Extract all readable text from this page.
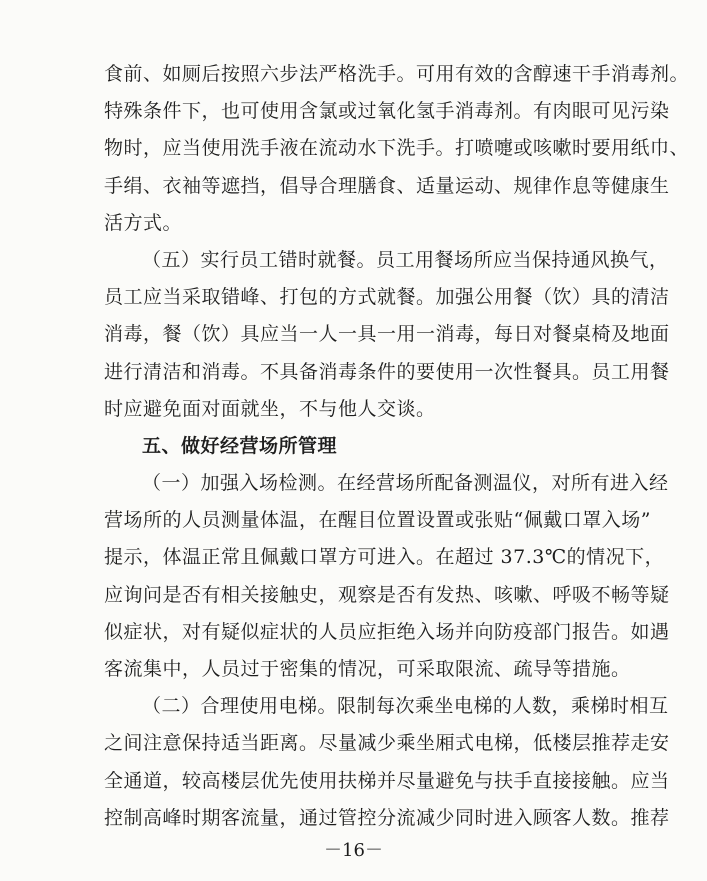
食前、如厕后按照六步法严格洗手。可用有效的含醇速干手消毒剂。
特殊条件下，也可使用含氯或过氧化氢手消毒剂。有肉眼可见污染
物时，应当使用洗手液在流动水下洗手。打喷嚏或咳嗽时要用纸巾、
手绢、衣袖等遮挡，倡导合理膳食、适量运动、规律作息等健康生
活方式。
（五）实行员工错时就餐。员工用餐场所应当保持通风换气，
员工应当采取错峰、打包的方式就餐。加强公用餐（饮）具的清洁
消毒，餐（饮）具应当一人一具一用一消毒，每日对餐桌椅及地面
进行清洁和消毒。不具备消毒条件的要使用一次性餐具。员工用餐
时应避免面对面就坐，不与他人交谈。
五、做好经营场所管理
（一）加强入场检测。在经营场所配备测温仪，对所有进入经
营场所的人员测量体温，在醒目位置设置或张贴“佩戴口罩入场”
提示，体温正常且佩戴口罩方可进入。在超过 37.3℃的情况下，
应询问是否有相关接触史，观察是否有发热、咳嗽、呼吸不畅等疑
似症状，对有疑似症状的人员应拒绝入场并向防疫部门报告。如遇
客流集中，人员过于密集的情况，可采取限流、疏导等措施。
（二）合理使用电梯。限制每次乘坐电梯的人数，乘梯时相互
之间注意保持适当距离。尽量减少乘坐厢式电梯，低楼层推荐走安
全通道，较高楼层优先使用扶梯并尽量避免与扶手直接接触。应当
控制高峰时期客流量，通过管控分流减少同时进入顾客人数。推荐
－16－
